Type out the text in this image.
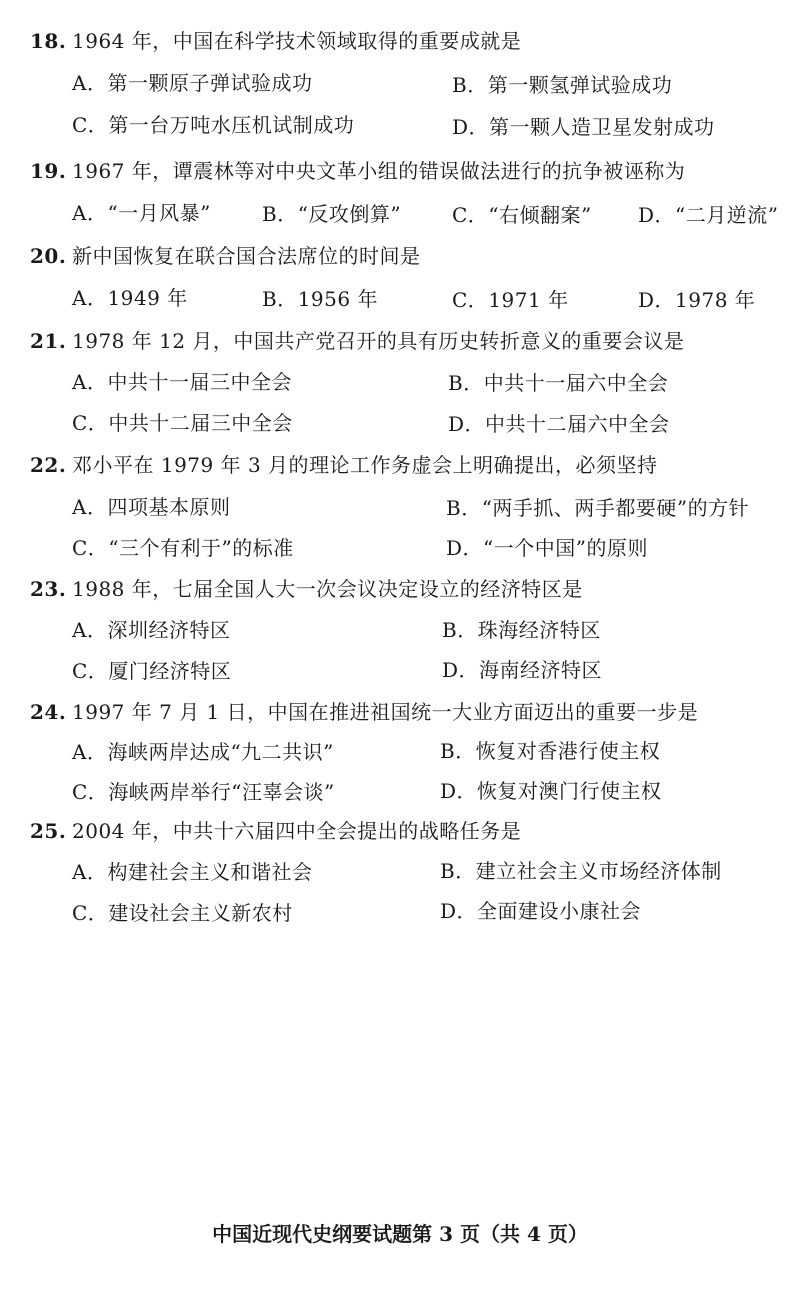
18. 1964 年，中国在科学技术领域取得的重要成就是
A．第一颗原子弹试验成功	B．第一颗氢弹试验成功
C．第一台万吨水压机试制成功	D．第一颗人造卫星发射成功
19. 1967 年，谭震林等对中央文革小组的错误做法进行的抗争被诬称为
A．“一月风暴”	B．“反攻倒算”	C．“右倾翻案” D．“二月逆流”
20. 新中国恢复在联合国合法席位的时间是
A．1949 年	B．1956 年	C．1971 年	D．1978 年
21. 1978 年 12 月，中国共产党召开的具有历史转折意义的重要会议是
A．中共十一届三中全会	B．中共十一届六中全会
C．中共十二届三中全会	D．中共十二届六中全会
22. 邓小平在 1979 年 3 月的理论工作务虚会上明确提出，必须坚持
A．四项基本原则	B．“两手抓、两手都要硬”的方针
C．“三个有利于”的标准	D．“一个中国”的原则
23. 1988 年，七届全国人大一次会议决定设立的经济特区是
A．深圳经济特区	B．珠海经济特区
C．厦门经济特区	D．海南经济特区
24. 1997 年 7 月 1 日，中国在推进祖国统一大业方面迈出的重要一步是
A．海峡两岸达成“九二共识”	B．恢复对香港行使主权
C．海峡两岸举行“汪辜会谈”	D．恢复对澳门行使主权
25. 2004 年，中共十六届四中全会提出的战略任务是
A．构建社会主义和谐社会	B．建立社会主义市场经济体制
C．建设社会主义新农村	D．全面建设小康社会
中国近现代史纲要试题第 3 页（共 4 页）
